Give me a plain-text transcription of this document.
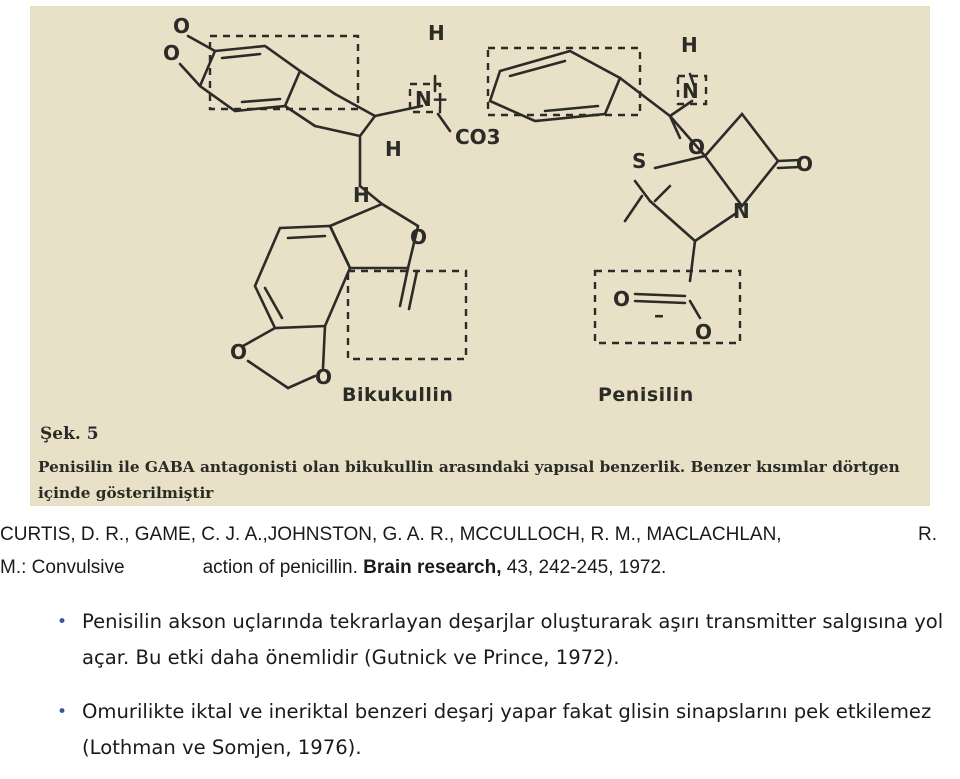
O
O
H
N+
CO3
H
H
O
O
O
H
N
O
S	O
N
O
O
–
Bikukullin	Penisilin
Şek. 5
Penisilin ile GABA antagonisti olan bikukullin arasındaki yapısal benzerlik. Benzer kısımlar dörtgen içinde gösterilmiştir
CURTIS, D. R., GAME, C. J. A.,JOHNSTON, G. A. R., MCCULLOCH, R. M., MACLACHLAN,	R.
M.: Convulsive	action of penicillin. Brain research, 43, 242-245, 1972.
• Penisilin akson uçlarında tekrarlayan deşarjlar oluşturarak aşırı transmitter salgısına yol açar. Bu etki daha önemlidir (Gutnick ve Prince, 1972).
• Omurilikte iktal ve ineriktal benzeri deşarj yapar fakat glisin sinapslarını pek etkilemez (Lothman ve Somjen, 1976).
